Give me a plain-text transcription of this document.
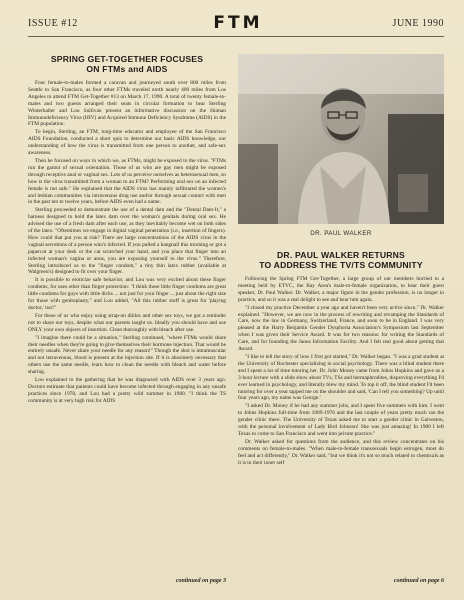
ISSUE #12	FTM	JUNE 1990
SPRING GET-TOGETHER FOCUSES
ON FTMs and AIDS

Four female-to-males formed a caravan and journeyed south over 800 miles from Seattle to San Francisco, as four other FTMs traveled north nearly 400 miles from Los Angeles to attend FTM Get-Together #13 on March 17, 1990. A total of twenty female-to-males and two guests arranged their seats in circular formation to hear Sterling Winterhalter and Lou Sullivan present an informative discussion on the Human Immunodeficiency Virus (HIV) and Acquired Immune Deficiency Syndrome (AIDS) in the FTM population.

To begin, Sterling, an FTM, long-time educator and employee of the San Francisco AIDS Foundation, conducted a short quiz to determine our basic AIDS knowledge, our understanding of how the virus is transmitted from one person to another, and safe-sex awareness.

Then he focused on ways in which we, as FTMs, might be exposed to the virus. "FTMs run the gamut of sexual orientation. Those of us who are gay men might be exposed through receptive anal or vaginal sex. Lots of us perceive ourselves as heterosexual men, so how is the virus transmitted from a woman to an FTM? Performing oral sex on an infected female is not safe." He explained that the AIDS virus has mainly infiltrated the women's and lesbian communities via intravenous drug use and/or through sexual contact with men in the past ten to twelve years, before AIDS even had a name.

Sterling proceeded to demonstrate the use of a dental dam and the "Dental Dam-It," a harness designed to hold the latex dam over the woman's genitals during oral sex. He advised the use of a fresh dam after each use, as they inevitably become wet on both sides of the latex. "Oftentimes we engage in digital vaginal penetration (i.e., insertion of fingers). How could that put you at risk? There are large concentrations of the AIDS virus in the vaginal secretions of a person who's infected. If you pulled a hangnail this morning or got a papercut at your desk or the cat scratched your hand, and you place that finger into an infected woman's vagina or anus, you are exposing yourself to the virus." Therefore, Sterling introduced us to the "finger condom," a tiny thin latex rubber (available at Walgreen's) designed to fit over your finger.

It is possible to eroticize safe behavior, and Lou was very excited about these finger condoms, for uses other than finger protection: "I think these little finger condoms are great little condoms for guys with little dicks ... not just for your finger ... just about the right size for those with genitoplasty," and Lou added, "All this rubber stuff is great for 'playing doctor,' too!"

For those of us who enjoy using strap-on dildos and other sex toys, we got a reminder not to share our toys, despite what our parents taught us. Ideally you should have and use ONLY your own objects of insertion. Clean thoroughly with bleach after use.

"I imagine there could be a situation," Sterling continued, "where FTMs would share their needles when they're going to give themselves their hormone injection. That would be entirely unsafe. Never share your needle for any reason!" Though the shot is intramuscular and not intravenous, blood is present at the injection site. If it is absolutely necessary that others use the same needle, learn how to clean the needle with bleach and water before sharing.

Lou explained to the gathering that he was diagnosed with AIDS over 3 years ago. Doctors estimate that patients could have become infected through engaging in any unsafe practices since 1978, and Lou had a pretty wild summer in 1980. "I think the TS community is at very high risk for AIDS

continued on page 3
DR. PAUL WALKER
DR. PAUL WALKER RETURNS
TO ADDRESS THE TV/TS COMMUNITY

Following the Spring FTM Get-Together, a large group of our members hurried to a meeting held by ETVC, the Bay Area's male-to-female organization, to hear their guest speaker, Dr. Paul Walker. Dr. Walker, a major figure in the gender profession, is no longer in practice, and so it was a real delight to see and hear him again.

"I closed my practice December a year ago and haven't been very active since," Dr. Walker explained. "However, we are now in the process of rewriting and revamping the Standards of Care, now the law in Germany, Switzerland, France, and soon to be in England. I was very pleased at the Harry Benjamin Gender Dysphoria Association's Symposium last September when I was given their Service Award. It was for two reasons: for writing the Standards of Care, and for founding the Janus Information Facility. And I felt real good about getting that Award.

"I like to tell the story of how I first got started," Dr. Walker began. "I was a grad student at the University of Rochester specializing in social psychology. There was a blind student there and I spent a lot of time tutoring her. Dr. John Money came from Johns Hopkins and gave us a 3-hour lecture with a slide show about TVs, TSs and hermaphrodites, disproving everything I'd ever learned in psychology, and literally blew my mind. To top it off, the blind student I'd been tutoring for over a year tapped me on the shoulder and said, 'Can I tell you something? Up until four years ago, my name was George.'

"I asked Dr. Money if he had any summer jobs, and I spent five summers with him. I went to Johns Hopkins full-time from 1969-1976 and the last couple of years pretty much ran the gender clinic there. The University of Texas asked me to start a gender clinic in Galveston, with the personal involvement of Lady Bird Johnson! She was just amazing! In 1980 I left Texas to come to San Francisco and went into private practice."

Dr. Walker asked for questions from the audience, and this review concentrates on his comments on female-to-males. "When male-to-female transsexuals begin estrogen, most do feel and act differently," Dr. Walker said, "but we think it's not so much related to chemicals as it is to their inner self

continued on page 6
